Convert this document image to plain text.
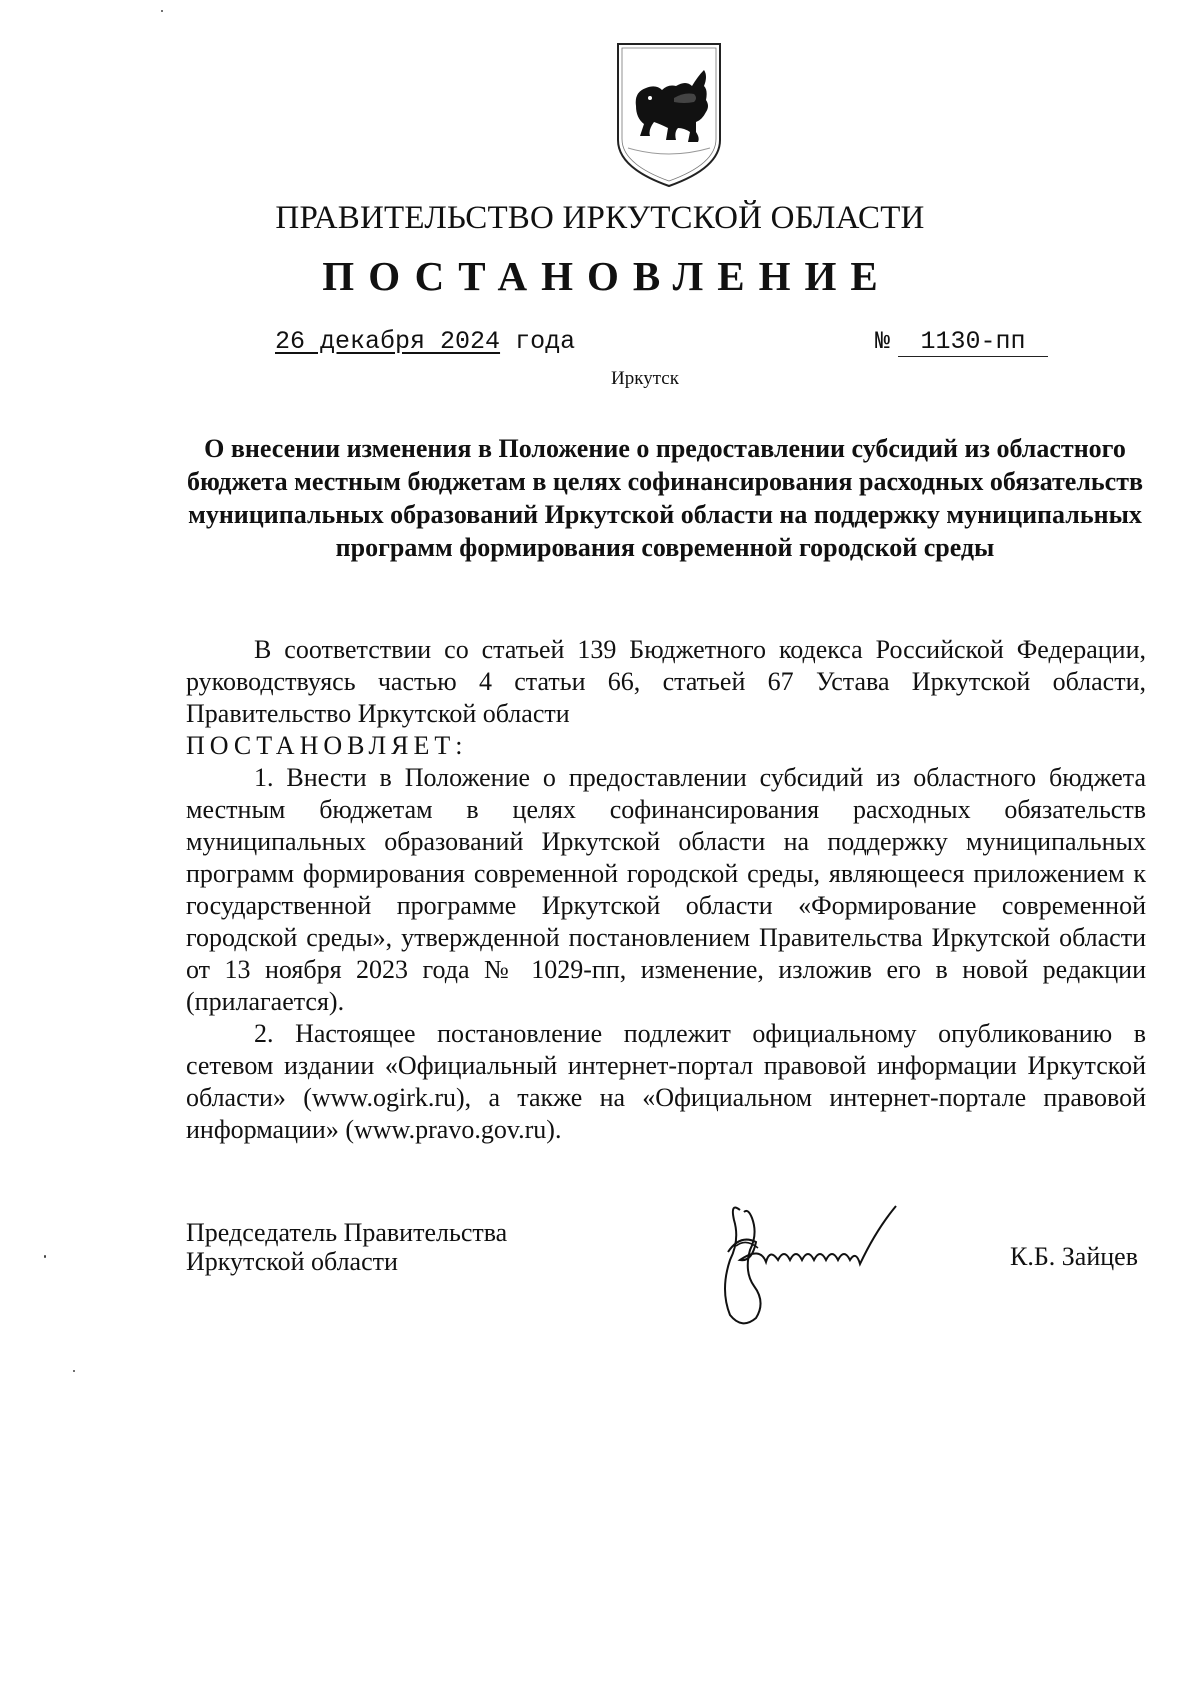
ПРАВИТЕЛЬСТВО ИРКУТСКОЙ ОБЛАСТИ
ПОСТАНОВЛЕНИЕ
26 декабря 2024 года	№ 1130-пп
Иркутск
О внесении изменения в Положение о предоставлении субсидий из областного бюджета местным бюджетам в целях софинансирования расходных обязательств муниципальных образований Иркутской области на поддержку муниципальных программ формирования современной городской среды

В соответствии со статьей 139 Бюджетного кодекса Российской Федерации, руководствуясь частью 4 статьи 66, статьей 67 Устава Иркутской области, Правительство Иркутской области

ПОСТАНОВЛЯЕТ:

1. Внести в Положение о предоставлении субсидий из областного бюджета местным бюджетам в целях софинансирования расходных обязательств муниципальных образований Иркутской области на поддержку муниципальных программ формирования современной городской среды, являющееся приложением к государственной программе Иркутской области «Формирование современной городской среды», утвержденной постановлением Правительства Иркутской области от 13 ноября 2023 года № 1029-пп, изменение, изложив его в новой редакции (прилагается).

2. Настоящее постановление подлежит официальному опубликованию в сетевом издании «Официальный интернет-портал правовой информации Иркутской области» (www.ogirk.ru), а также на «Официальном интернет-портале правовой информации» (www.pravo.gov.ru).

Председатель Правительства
Иркутской области	К.Б. Зайцев
